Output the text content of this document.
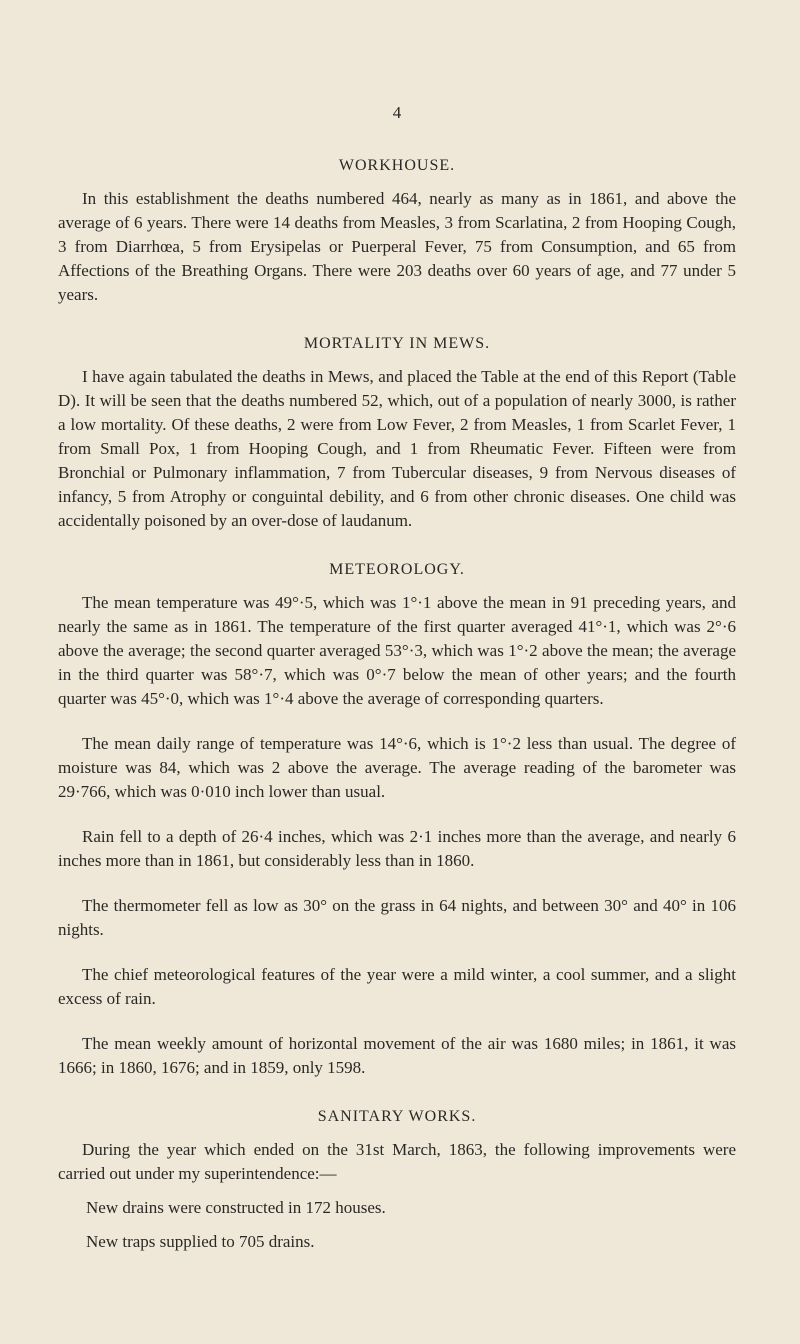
4
WORKHOUSE.

In this establishment the deaths numbered 464, nearly as many as in 1861, and above the average of 6 years. There were 14 deaths from Measles, 3 from Scarlatina, 2 from Hooping Cough, 3 from Diarrhœa, 5 from Erysipelas or Puerperal Fever, 75 from Consumption, and 65 from Affections of the Breathing Organs. There were 203 deaths over 60 years of age, and 77 under 5 years.

MORTALITY IN MEWS.

I have again tabulated the deaths in Mews, and placed the Table at the end of this Report (Table D). It will be seen that the deaths numbered 52, which, out of a population of nearly 3000, is rather a low mortality. Of these deaths, 2 were from Low Fever, 2 from Measles, 1 from Scarlet Fever, 1 from Small Pox, 1 from Hooping Cough, and 1 from Rheumatic Fever. Fifteen were from Bronchial or Pulmonary inflammation, 7 from Tubercular diseases, 9 from Nervous diseases of infancy, 5 from Atrophy or conguintal debility, and 6 from other chronic diseases. One child was accidentally poisoned by an over-dose of laudanum.

METEOROLOGY.

The mean temperature was 49°·5, which was 1°·1 above the mean in 91 preceding years, and nearly the same as in 1861. The temperature of the first quarter averaged 41°·1, which was 2°·6 above the average; the second quarter averaged 53°·3, which was 1°·2 above the mean; the average in the third quarter was 58°·7, which was 0°·7 below the mean of other years; and the fourth quarter was 45°·0, which was 1°·4 above the average of corresponding quarters.

The mean daily range of temperature was 14°·6, which is 1°·2 less than usual. The degree of moisture was 84, which was 2 above the average. The average reading of the barometer was 29·766, which was 0·010 inch lower than usual.

Rain fell to a depth of 26·4 inches, which was 2·1 inches more than the average, and nearly 6 inches more than in 1861, but considerably less than in 1860.

The thermometer fell as low as 30° on the grass in 64 nights, and between 30° and 40° in 106 nights.

The chief meteorological features of the year were a mild winter, a cool summer, and a slight excess of rain.

The mean weekly amount of horizontal movement of the air was 1680 miles; in 1861, it was 1666; in 1860, 1676; and in 1859, only 1598.

SANITARY WORKS.

During the year which ended on the 31st March, 1863, the following improvements were carried out under my superintendence:—

New drains were constructed in 172 houses.

New traps supplied to 705 drains.
